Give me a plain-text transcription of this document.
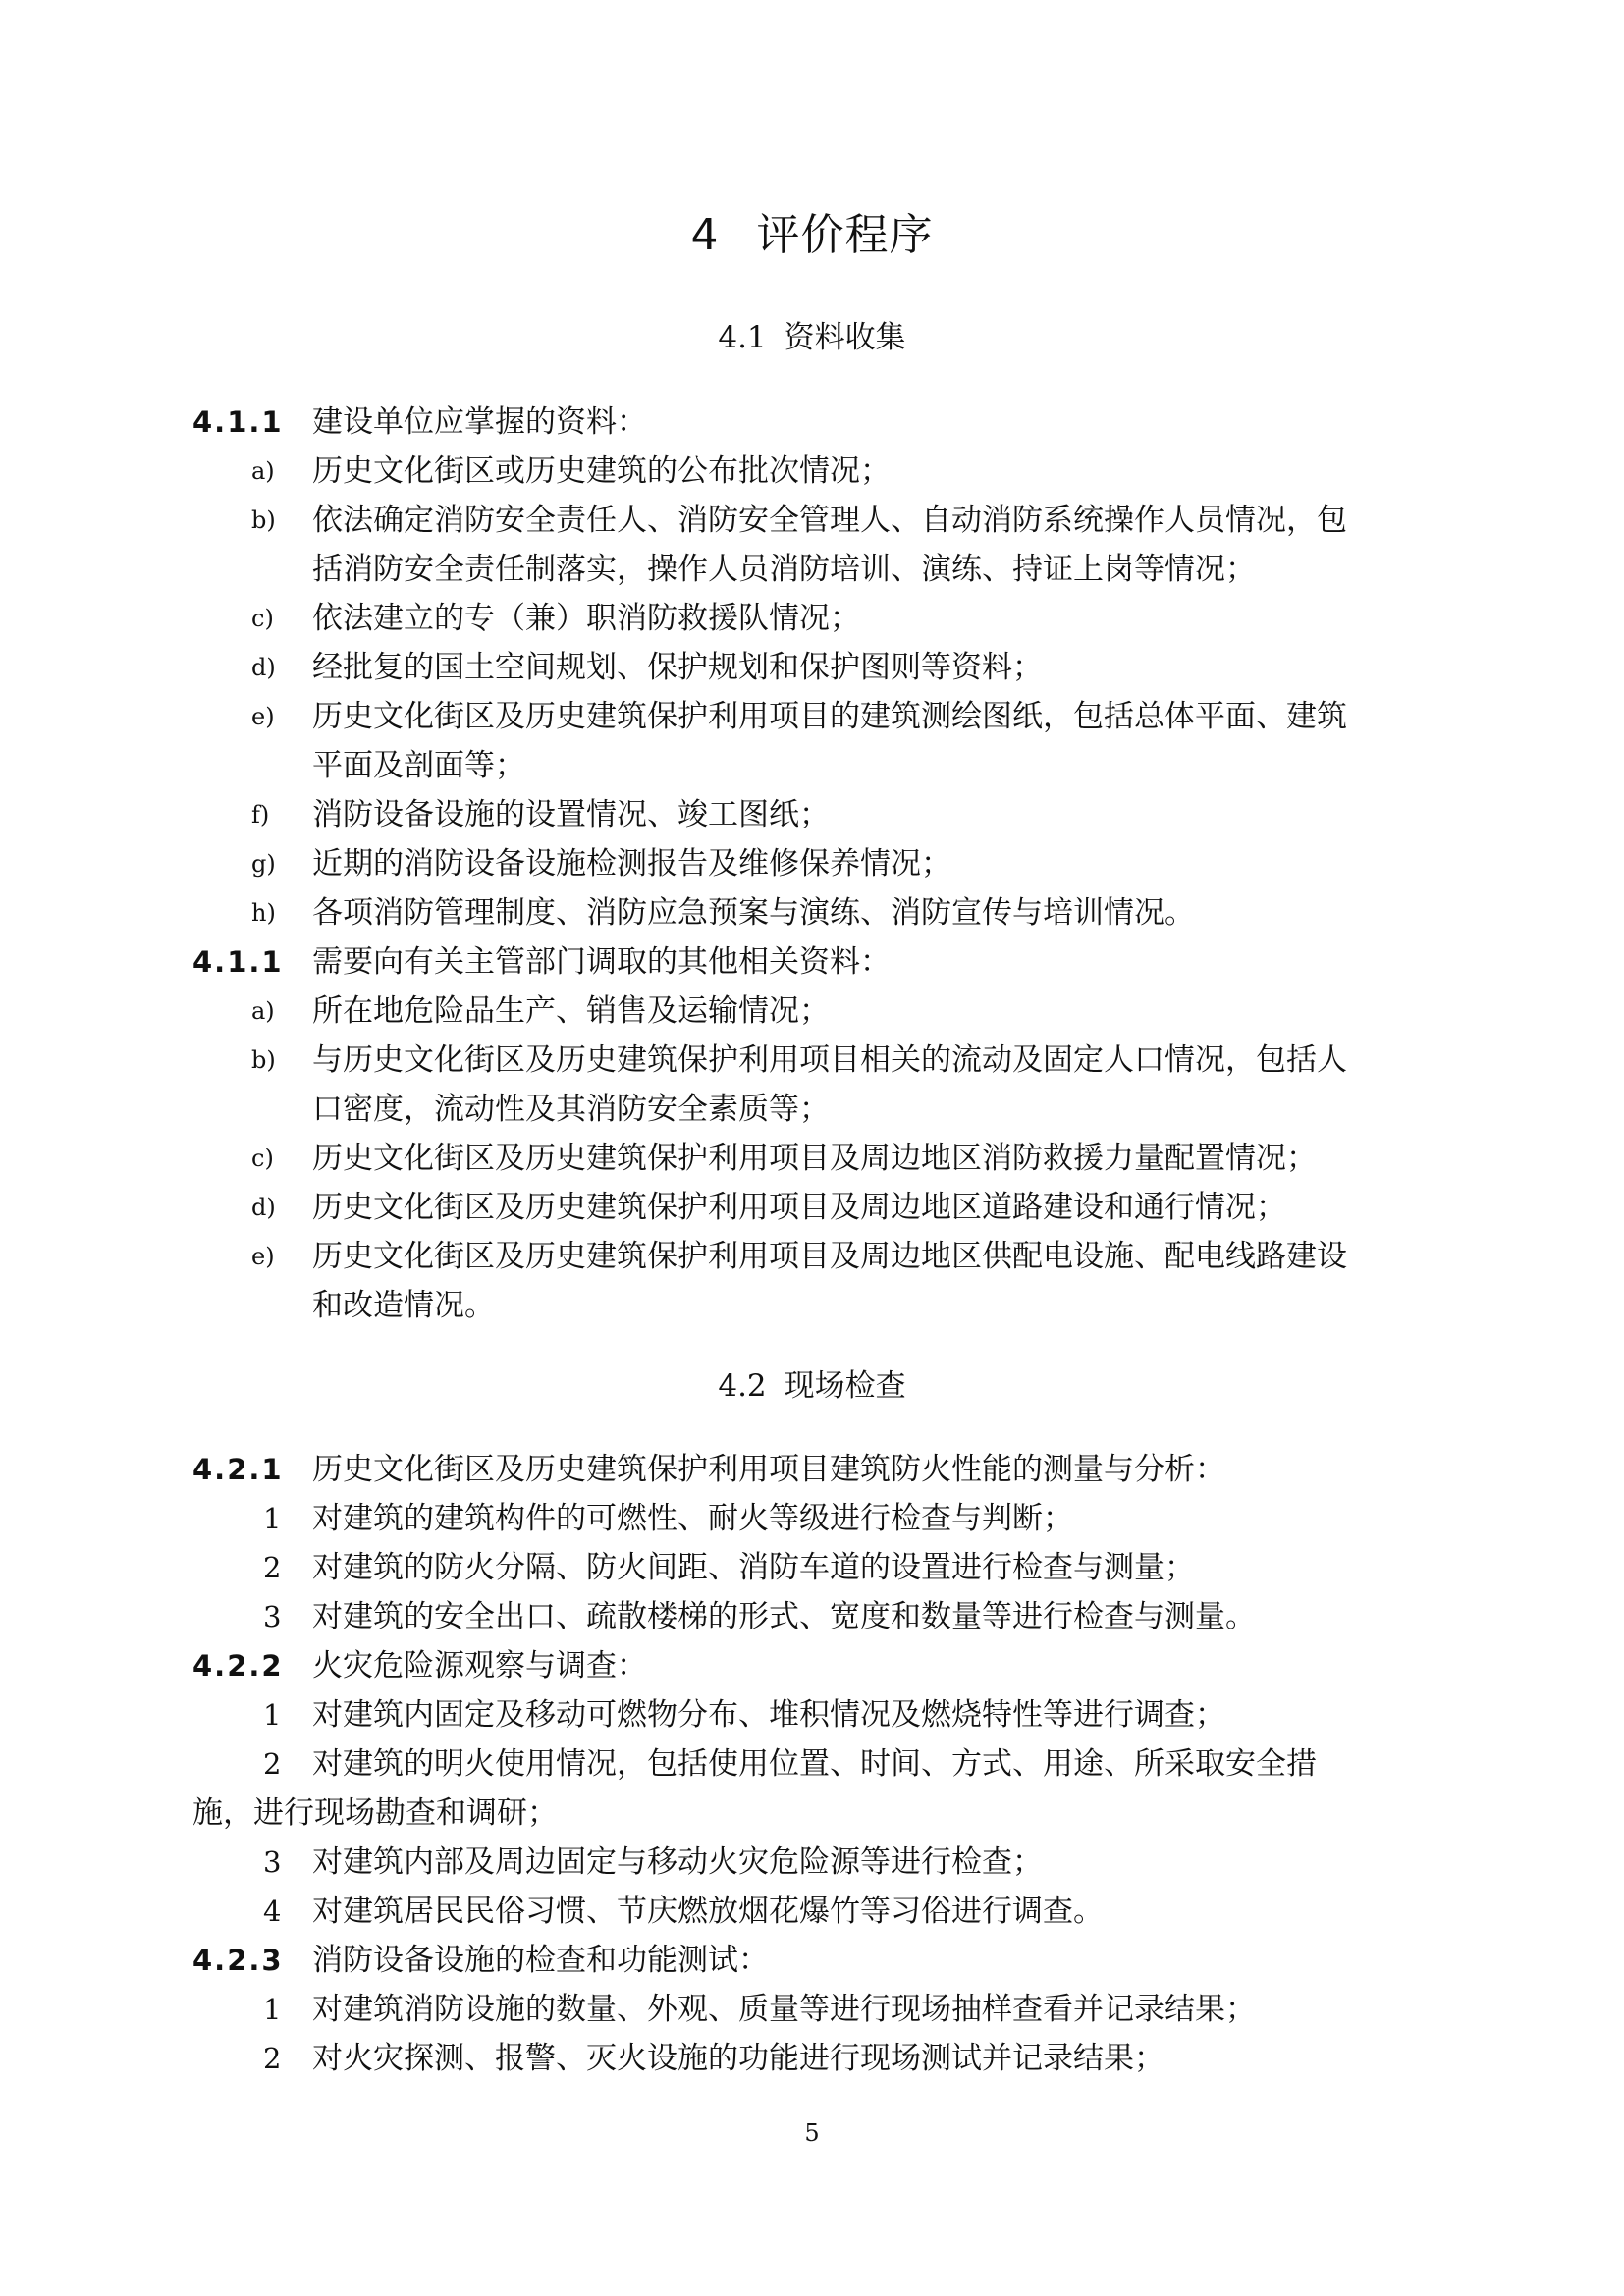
4 评价程序
4.1 资料收集
4.1.1 建设单位应掌握的资料：
a) 历史文化街区或历史建筑的公布批次情况；
b) 依法确定消防安全责任人、消防安全管理人、自动消防系统操作人员情况，包
括消防安全责任制落实，操作人员消防培训、演练、持证上岗等情况；
c) 依法建立的专（兼）职消防救援队情况；
d) 经批复的国土空间规划、保护规划和保护图则等资料；
e) 历史文化街区及历史建筑保护利用项目的建筑测绘图纸，包括总体平面、建筑
平面及剖面等；
f) 消防设备设施的设置情况、竣工图纸；
g) 近期的消防设备设施检测报告及维修保养情况；
h) 各项消防管理制度、消防应急预案与演练、消防宣传与培训情况。
4.1.1 需要向有关主管部门调取的其他相关资料：
a) 所在地危险品生产、销售及运输情况；
b) 与历史文化街区及历史建筑保护利用项目相关的流动及固定人口情况，包括人
口密度，流动性及其消防安全素质等；
c) 历史文化街区及历史建筑保护利用项目及周边地区消防救援力量配置情况；
d) 历史文化街区及历史建筑保护利用项目及周边地区道路建设和通行情况；
e) 历史文化街区及历史建筑保护利用项目及周边地区供配电设施、配电线路建设
和改造情况。
4.2 现场检查
4.2.1 历史文化街区及历史建筑保护利用项目建筑防火性能的测量与分析：
1 对建筑的建筑构件的可燃性、耐火等级进行检查与判断；
2 对建筑的防火分隔、防火间距、消防车道的设置进行检查与测量；
3 对建筑的安全出口、疏散楼梯的形式、宽度和数量等进行检查与测量。
4.2.2 火灾危险源观察与调查：
1 对建筑内固定及移动可燃物分布、堆积情况及燃烧特性等进行调查；
2 对建筑的明火使用情况，包括使用位置、时间、方式、用途、所采取安全措
施，进行现场勘查和调研；
3 对建筑内部及周边固定与移动火灾危险源等进行检查；
4 对建筑居民民俗习惯、节庆燃放烟花爆竹等习俗进行调查。
4.2.3 消防设备设施的检查和功能测试：
1 对建筑消防设施的数量、外观、质量等进行现场抽样查看并记录结果；
2 对火灾探测、报警、灭火设施的功能进行现场测试并记录结果；
5
